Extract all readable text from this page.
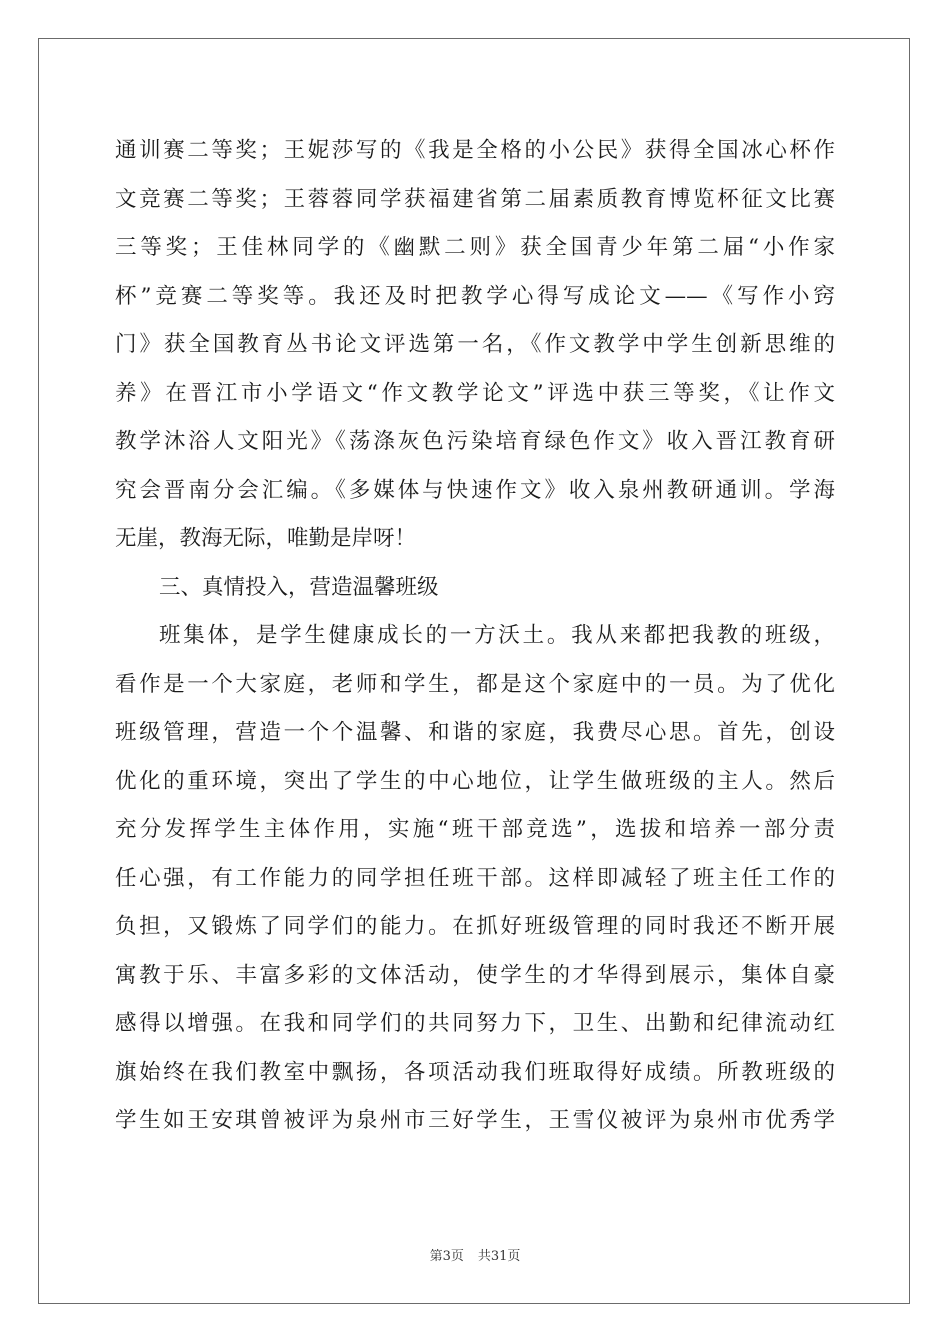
通训赛二等奖；王妮莎写的《我是全格的小公民》获得全国冰心杯作
文竞赛二等奖；王蓉蓉同学获福建省第二届素质教育博览杯征文比赛
三等奖；王佳林同学的《幽默二则》获全国青少年第二届“小作家
杯”竞赛二等奖等。我还及时把教学心得写成论文——《写作小窍
门》获全国教育丛书论文评选第一名，《作文教学中学生创新思维的
养》在晋江市小学语文“作文教学论文”评选中获三等奖，《让作文
教学沐浴人文阳光》《荡涤灰色污染培育绿色作文》收入晋江教育研
究会晋南分会汇编。《多媒体与快速作文》收入泉州教研通训。学海
无崖，教海无际，唯勤是岸呀！
三、真情投入，营造温馨班级
班集体，是学生健康成长的一方沃土。我从来都把我教的班级，
看作是一个大家庭，老师和学生，都是这个家庭中的一员。为了优化
班级管理，营造一个个温馨、和谐的家庭，我费尽心思。首先，创设
优化的重环境，突出了学生的中心地位，让学生做班级的主人。然后
充分发挥学生主体作用，实施“班干部竞选”，选拔和培养一部分责
任心强，有工作能力的同学担任班干部。这样即减轻了班主任工作的
负担，又锻炼了同学们的能力。在抓好班级管理的同时我还不断开展
寓教于乐、丰富多彩的文体活动，使学生的才华得到展示，集体自豪
感得以增强。在我和同学们的共同努力下，卫生、出勤和纪律流动红
旗始终在我们教室中飘扬，各项活动我们班取得好成绩。所教班级的
学生如王安琪曾被评为泉州市三好学生，王雪仪被评为泉州市优秀学
第3页 共31页
